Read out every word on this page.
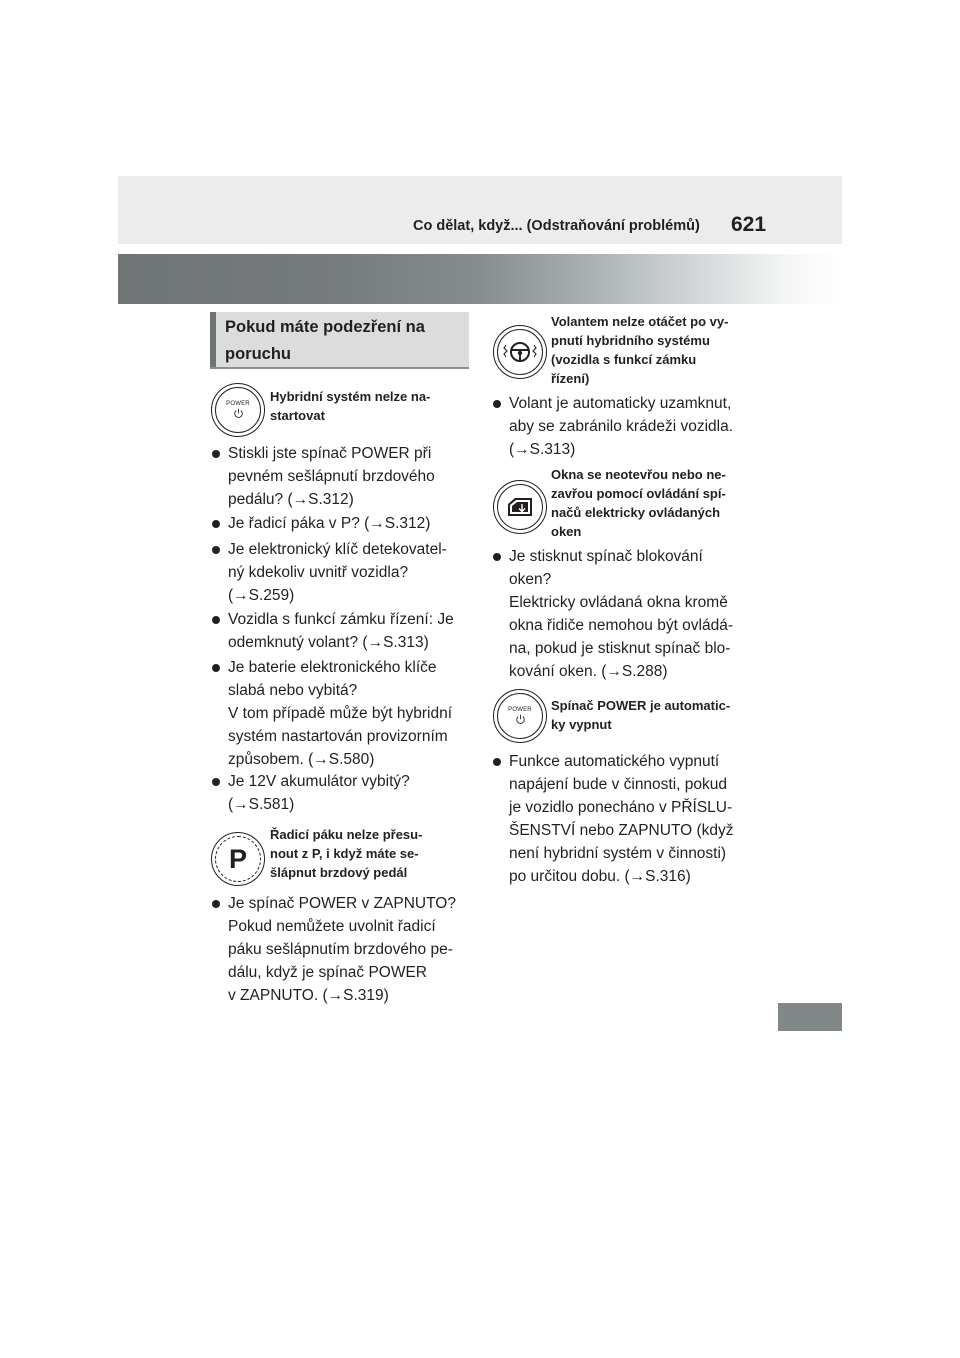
Co dělat, když... (Odstraňování problémů) 621
Pokud máte podezření na
poruchu
POWER Hybridní systém nelze na-
startovat
Stiskli jste spínač POWER při
pevném sešlápnutí brzdového
pedálu? (→S.312)
Je řadicí páka v P? (→S.312)
Je elektronický klíč detekovatel-
ný kdekoliv uvnitř vozidla?
(→S.259)
Vozidla s funkcí zámku řízení: Je
odemknutý volant? (→S.313)
Je baterie elektronického klíče
slabá nebo vybitá?
V tom případě může být hybridní
systém nastartován provizorním
způsobem. (→S.580)
Je 12V akumulátor vybitý?
(→S.581)
P
Řadicí páku nelze přesu-
nout z P, i když máte se-
šlápnut brzdový pedál
Je spínač POWER v ZAPNUTO?
Pokud nemůžete uvolnit řadicí
páku sešlápnutím brzdového pe-
dálu, když je spínač POWER
v ZAPNUTO. (→S.319)
Volantem nelze otáčet po vy-
pnutí hybridního systému
(vozidla s funkcí zámku
řízení)
Volant je automaticky uzamknut,
aby se zabránilo krádeži vozidla.
(→S.313)
Okna se neotevřou nebo ne-
zavřou pomocí ovládání spí-
načů elektricky ovládaných
oken
Je stisknut spínač blokování
oken?
Elektricky ovládaná okna kromě
okna řidiče nemohou být ovládá-
na, pokud je stisknut spínač blo-
kování oken. (→S.288)
POWER Spínač POWER je automatic-
ky vypnut
Funkce automatického vypnutí
napájení bude v činnosti, pokud
je vozidlo ponecháno v PŘÍSLU-
ŠENSTVÍ nebo ZAPNUTO (když
není hybridní systém v činnosti)
po určitou dobu. (→S.316)
